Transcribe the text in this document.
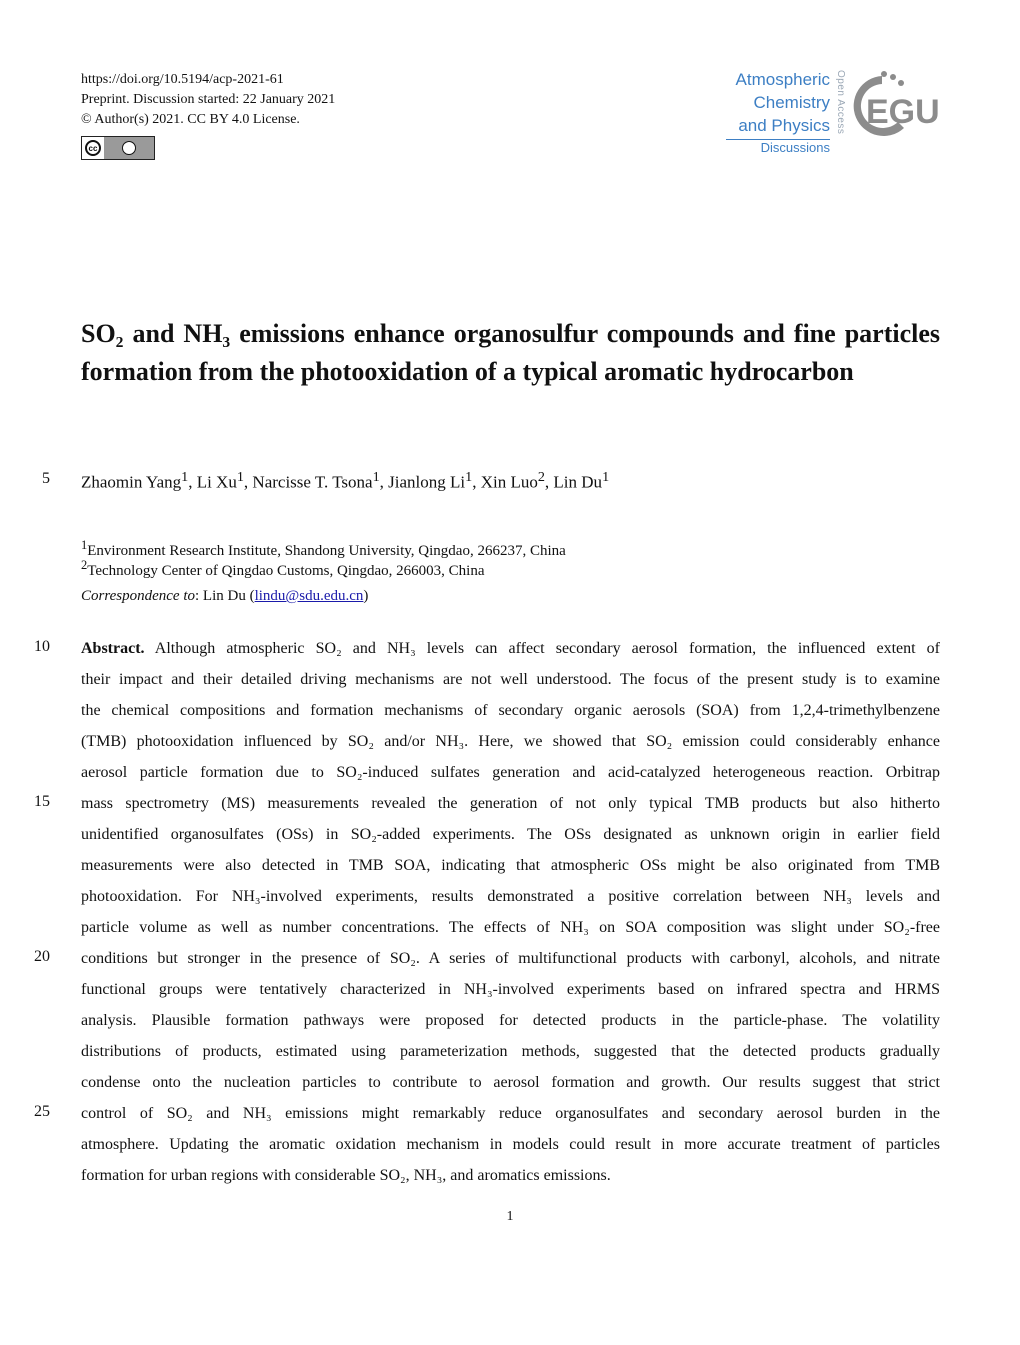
https://doi.org/10.5194/acp-2021-61
Preprint. Discussion started: 22 January 2021
© Author(s) 2021. CC BY 4.0 License.
cc
Atmospheric
Chemistry
and Physics
Discussions
Open Access EGU
SO₂ and NH₃ emissions enhance organosulfur compounds and fine particles formation from the photooxidation of a typical aromatic hydrocarbon
5 Zhaomin Yang$^1$, Li Xu$^1$, Narcisse T. Tsona$^1$, Jianlong Li$^1$, Xin Luo$^2$, Lin Du$^1$
$^1$Environment Research Institute, Shandong University, Qingdao, 266237, China
$^2$Technology Center of Qingdao Customs, Qingdao, 266003, China
Correspondence to: Lin Du (lindu@sdu.edu.cn)
10
15
20
25
Abstract. Although atmospheric SO₂ and NH₃ levels can affect secondary aerosol formation, the influenced extent of
their impact and their detailed driving mechanisms are not well understood. The focus of the present study is to examine
the chemical compositions and formation mechanisms of secondary organic aerosols (SOA) from 1,2,4-trimethylbenzene
(TMB) photooxidation influenced by SO₂ and/or NH₃. Here, we showed that SO₂ emission could considerably enhance
aerosol particle formation due to SO₂-induced sulfates generation and acid-catalyzed heterogeneous reaction. Orbitrap
mass spectrometry (MS) measurements revealed the generation of not only typical TMB products but also hitherto
unidentified organosulfates (OSs) in SO₂-added experiments. The OSs designated as unknown origin in earlier field
measurements were also detected in TMB SOA, indicating that atmospheric OSs might be also originated from TMB
photooxidation. For NH₃-involved experiments, results demonstrated a positive correlation between NH₃ levels and
particle volume as well as number concentrations. The effects of NH₃ on SOA composition was slight under SO₂-free
conditions but stronger in the presence of SO₂. A series of multifunctional products with carbonyl, alcohols, and nitrate
functional groups were tentatively characterized in NH₃-involved experiments based on infrared spectra and HRMS
analysis. Plausible formation pathways were proposed for detected products in the particle-phase. The volatility
distributions of products, estimated using parameterization methods, suggested that the detected products gradually
condense onto the nucleation particles to contribute to aerosol formation and growth. Our results suggest that strict
control of SO₂ and NH₃ emissions might remarkably reduce organosulfates and secondary aerosol burden in the
atmosphere. Updating the aromatic oxidation mechanism in models could result in more accurate treatment of particles
formation for urban regions with considerable SO₂, NH₃, and aromatics emissions.
1
